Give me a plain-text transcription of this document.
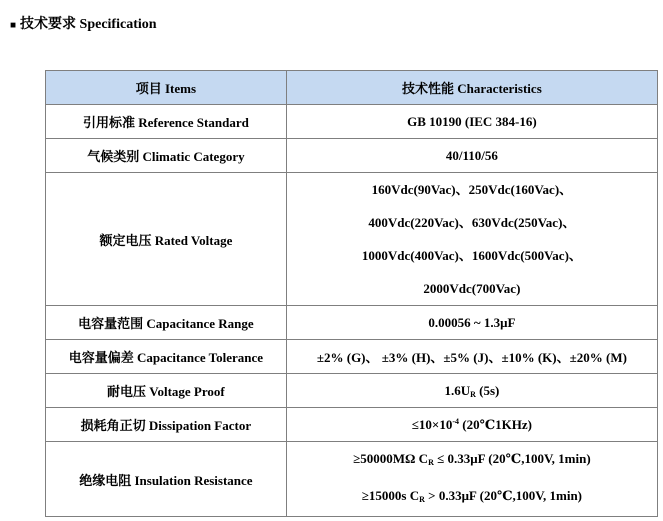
■ 技术要求 Specification
项目 Items	技术性能 Characteristics
引用标准 Reference Standard	GB 10190 (IEC 384-16)
气候类别 Climatic Category	40/110/56
额定电压 Rated Voltage	160Vdc(90Vac)、250Vdc(160Vac)、
400Vdc(220Vac)、630Vdc(250Vac)、
1000Vdc(400Vac)、1600Vdc(500Vac)、
2000Vdc(700Vac)

电容量范围 Capacitance Range	0.00056 ~ 1.3μF
电容量偏差 Capacitance Tolerance	±2% (G)、 ±3% (H)、±5% (J)、±10% (K)、±20% (M)
耐电压 Voltage Proof	$1.6U_R$ (5s)
损耗角正切 Dissipation Factor	$\le 10\times 10^{-4}$ (20℃1KHz)
绝缘电阻 Insulation Resistance	≥50000MΩ $C_R \le 0.33\mu F$ (20℃,100V, 1min)
≥15000s $C_R > 0.33\mu F$ (20℃,100V, 1min)
